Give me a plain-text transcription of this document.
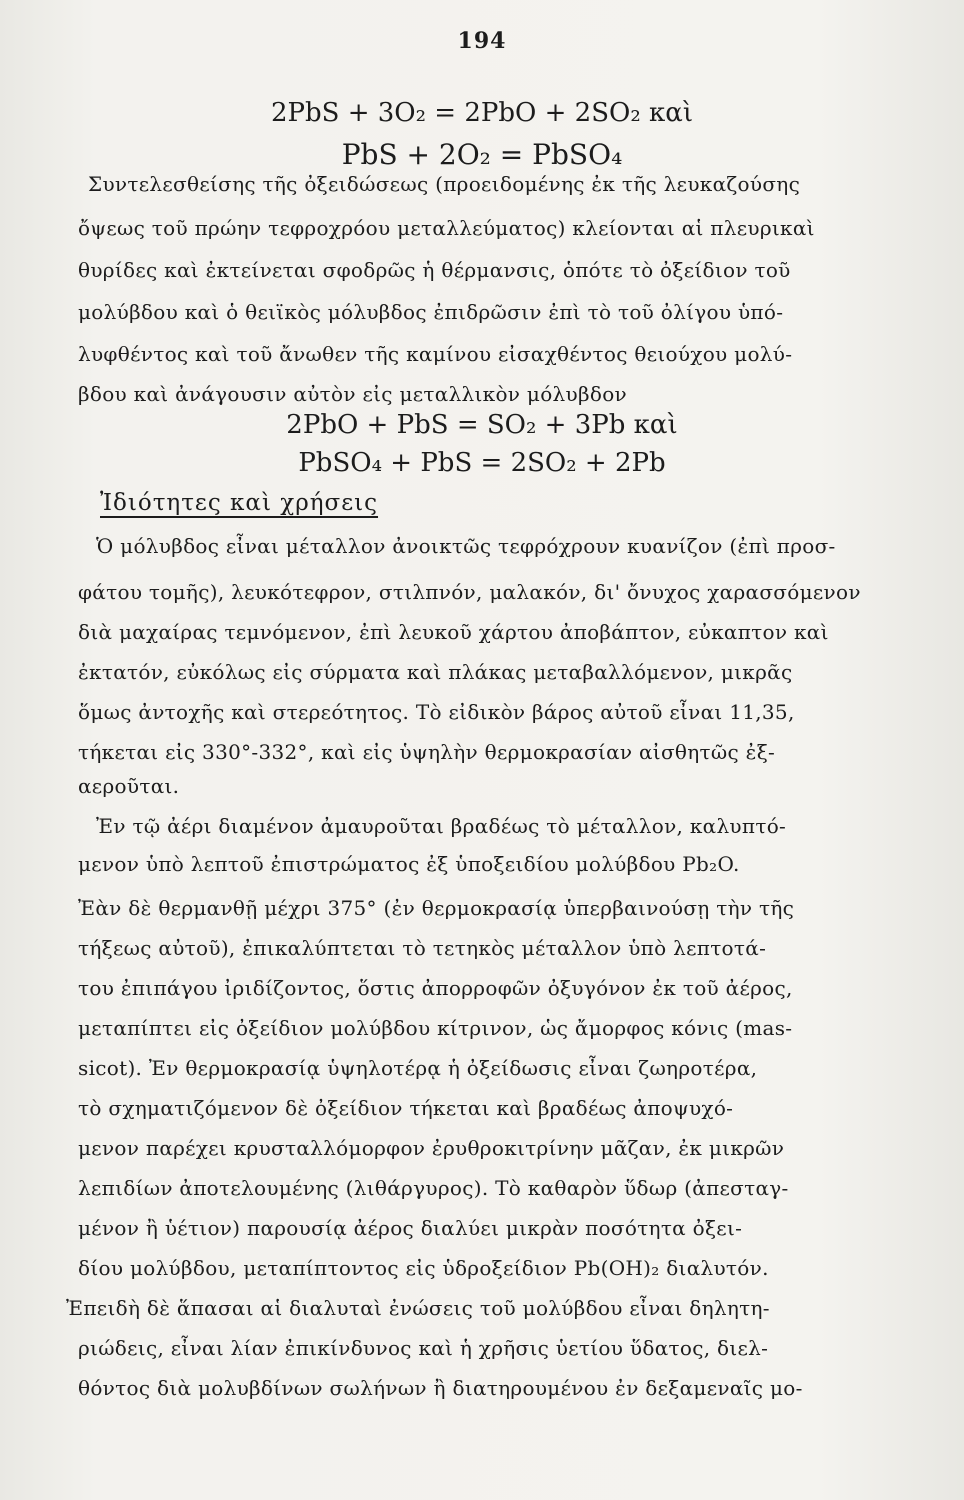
194
2PbS + 3O₂ = 2PbO + 2SO₂ καὶ
PbS + 2O₂ = PbSO₄
Συντελεσθείσης τῆς ὀξειδώσεως (προειδομένης ἐκ τῆς λευκαζούσης
ὄψεως τοῦ πρώην τεφροχρόου μεταλλεύματος) κλείονται αἱ πλευρικαὶ
θυρίδες καὶ ἐκτείνεται σφοδρῶς ἡ θέρμανσις, ὁπότε τὸ ὀξείδιον τοῦ
μολύβδου καὶ ὁ θειϊκὸς μόλυβδος ἐπιδρῶσιν ἐπὶ τὸ τοῦ ὀλίγου ὑπό-
λυφθέντος καὶ τοῦ ἄνωθεν τῆς καμίνου εἰσαχθέντος θειούχου μολύ-
βδου καὶ ἀνάγουσιν αὐτὸν εἰς μεταλλικὸν μόλυβδον
2PbO + PbS = SO₂ + 3Pb καὶ
PbSO₄ + PbS = 2SO₂ + 2Pb
Ἰδιότητες καὶ χρήσεις
Ὁ μόλυβδος εἶναι μέταλλον ἀνοικτῶς τεφρόχρουν κυανίζον (ἐπὶ προσ-
φάτου τομῆς), λευκότεφρον, στιλπνόν, μαλακόν, δι' ὄνυχος χαρασσόμενον
διὰ μαχαίρας τεμνόμενον, ἐπὶ λευκοῦ χάρτου ἀποβάπτον, εὐκαπτον καὶ
ἐκτατόν, εὐκόλως εἰς σύρματα καὶ πλάκας μεταβαλλόμενον, μικρᾶς
ὅμως ἀντοχῆς καὶ στερεότητος. Τὸ εἰδικὸν βάρος αὐτοῦ εἶναι 11,35,
τήκεται εἰς 330°-332°, καὶ εἰς ὑψηλὴν θερμοκρασίαν αἰσθητῶς ἐξ-
αεροῦται.
Ἐν τῷ ἀέρι διαμένον ἀμαυροῦται βραδέως τὸ μέταλλον, καλυπτό-
μενον ὑπὸ λεπτοῦ ἐπιστρώματος ἐξ ὑποξειδίου μολύβδου Pb₂O.
Ἐὰν δὲ θερμανθῇ μέχρι 375° (ἐν θερμοκρασίᾳ ὑπερβαινούσῃ τὴν τῆς
τήξεως αὐτοῦ), ἐπικαλύπτεται τὸ τετηκὸς μέταλλον ὑπὸ λεπτοτά-
του ἐπιπάγου ἰριδίζοντος, ὅστις ἀπορροφῶν ὀξυγόνον ἐκ τοῦ ἀέρος,
μεταπίπτει εἰς ὀξείδιον μολύβδου κίτρινον, ὡς ἄμορφος κόνις (mas-
sicot). Ἐν θερμοκρασίᾳ ὑψηλοτέρᾳ ἡ ὀξείδωσις εἶναι ζωηροτέρα,
τὸ σχηματιζόμενον δὲ ὀξείδιον τήκεται καὶ βραδέως ἀποψυχό-
μενον παρέχει κρυσταλλόμορφον ἐρυθροκιτρίνην μᾶζαν, ἐκ μικρῶν
λεπιδίων ἀποτελουμένης (λιθάργυρος). Τὸ καθαρὸν ὕδωρ (ἀπεσταγ-
μένον ἢ ὑέτιον) παρουσίᾳ ἀέρος διαλύει μικρὰν ποσότητα ὀξει-
δίου μολύβδου, μεταπίπτοντος εἰς ὑδροξείδιον Pb(OH)₂ διαλυτόν.
Ἐπειδὴ δὲ ἅπασαι αἱ διαλυταὶ ἐνώσεις τοῦ μολύβδου εἶναι δηλητη-
ριώδεις, εἶναι λίαν ἐπικίνδυνος καὶ ἡ χρῆσις ὑετίου ὕδατος, διελ-
θόντος διὰ μολυβδίνων σωλήνων ἢ διατηρουμένου ἐν δεξαμεναῖς μο-
